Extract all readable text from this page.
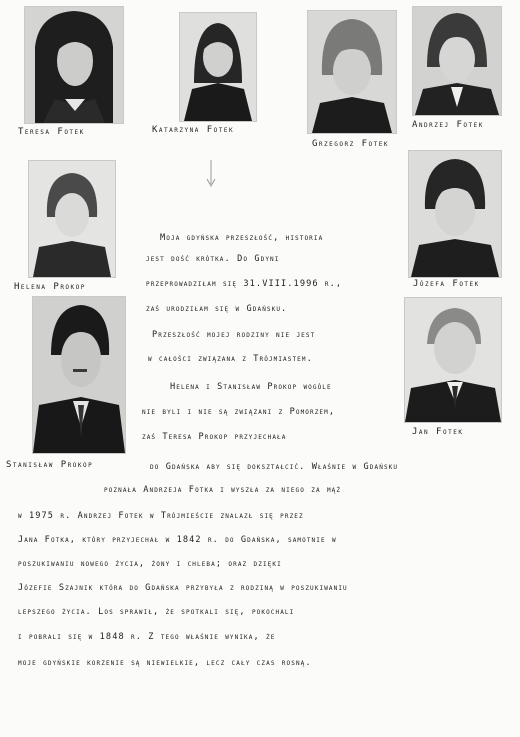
Teresa Fotek	Katarzyna Fotek
Grzegorz Fotek
Andrzej Fotek
Helena Prokop	Józefa Fotek
Stanisław Prokop
Jan Fotek
Moja gdyńska przeszłość, historia
jest dość krótka. Do Gdyni
przeprowadziłam się 31.VIII.1996 r.,
zaś urodziłam się w Gdańsku.
Przeszłość mojej rodziny nie jest
w całości związana z Trójmiastem.
Helena i Stanisław Prokop wogóle
nie byli i nie są związani z Pomorzem,
zaś Teresa Prokop przyjechała
do Gdańska aby się dokształcić. Właśnie w Gdańsku
poznała Andrzeja Fotka i wyszła za niego za mąż
w 1975 r. Andrzej Fotek w Trójmieście znalazł się przez
Jana Fotka, który przyjechał w 1842 r. do Gdańska, samotnie w
poszukiwaniu nowego życia, żony i chleba; oraz dzięki
Józefie Szajnik która do Gdańska przybyła z rodziną w poszukiwaniu
lepszego życia. Los sprawił, że spotkali się, pokochali
i pobrali się w 1848 r. Z tego właśnie wynika, że
moje gdyńskie korzenie są niewielkie, lecz cały czas rosną.
